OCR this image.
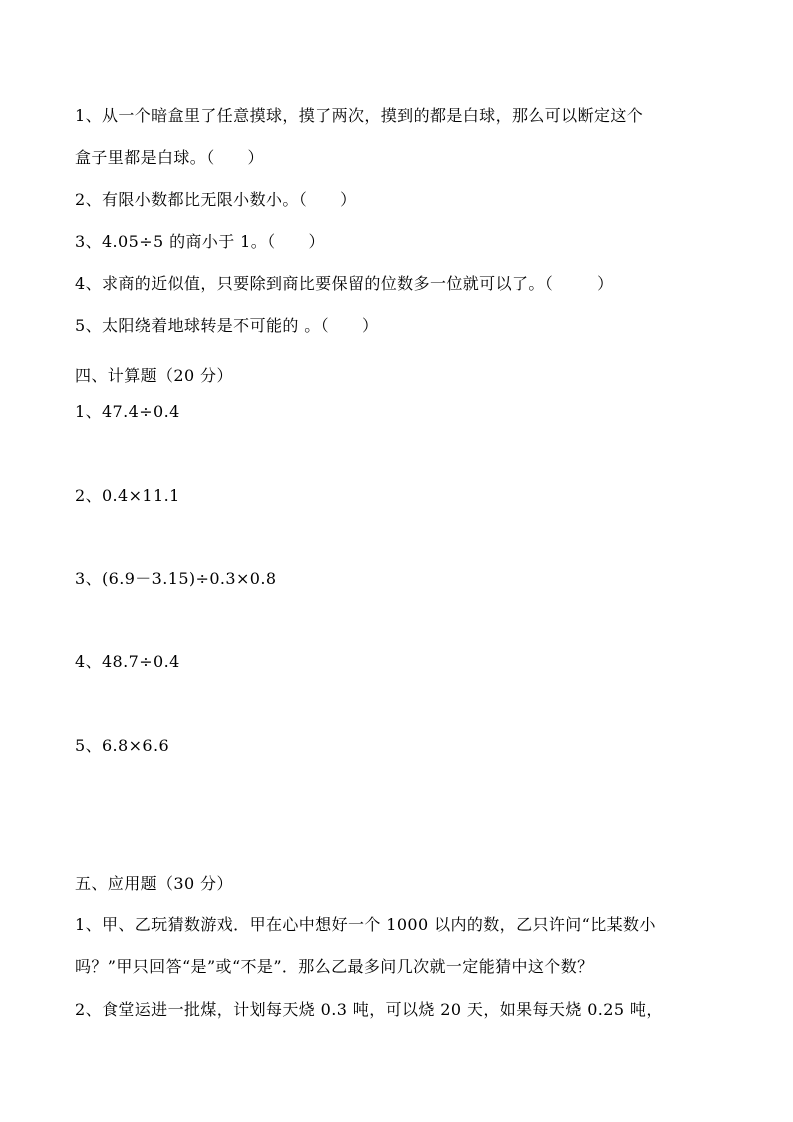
1、从一个暗盒里了任意摸球，摸了两次，摸到的都是白球，那么可以断定这个
盒子里都是白球。（      ）
2、有限小数都比无限小数小。（      ）
3、4.05÷5 的商小于 1。（      ）
4、求商的近似值，只要除到商比要保留的位数多一位就可以了。（        ）
5、太阳绕着地球转是不可能的 。（      ）
四、计算题（20 分）
1、47.4÷0.4
2、0.4×11.1
3、(6.9－3.15)÷0.3×0.8
4、48.7÷0.4
5、6.8×6.6
五、应用题（30 分）
1、甲、乙玩猜数游戏．甲在心中想好一个 1000 以内的数，乙只许问“比某数小
吗？”甲只回答“是”或“不是”．那么乙最多问几次就一定能猜中这个数？
2、食堂运进一批煤，计划每天烧 0.3 吨，可以烧 20 天，如果每天烧 0.25 吨，
